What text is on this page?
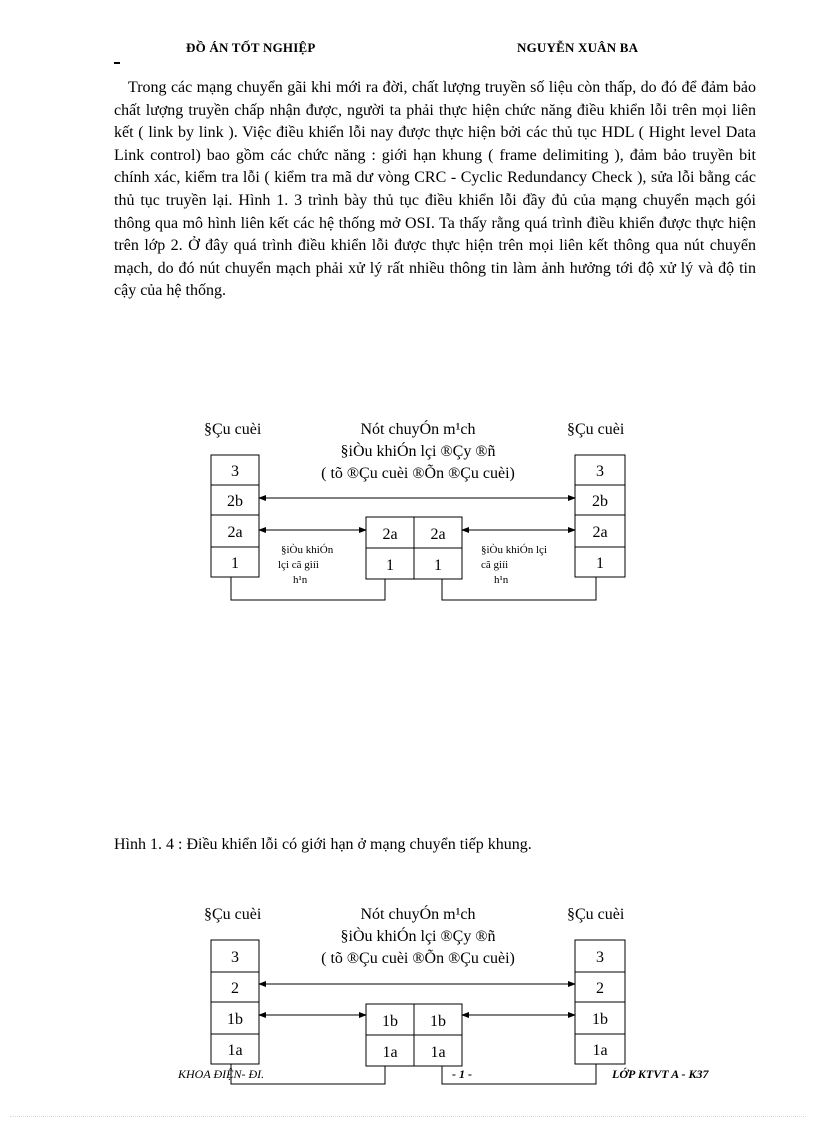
ĐỒ ÁN TỐT NGHIỆP	NGUYỄN XUÂN BA

Trong các mạng chuyển gãi khi mới ra đời, chất lượng truyền số liệu còn thấp, do đó để đảm bảo chất lượng truyền chấp nhận được, người ta phải thực hiện chức năng điều khiển lỗi trên mọi liên kết ( link by link ). Việc điều khiển lỗi nay được thực hiện bởi các thủ tục HDL ( Hight level Data Link control) bao gồm các chức năng : giới hạn khung ( frame delimiting ), đảm bảo truyền bit chính xác, kiểm tra lỗi ( kiểm tra mã dư vòng CRC - Cyclic Redundancy Check ), sửa lỗi bằng các thủ tục truyền lại. Hình 1. 3 trình bày thủ tục điều khiển lỗi đầy đủ của mạng chuyển mạch gói thông qua mô hình liên kết các hệ thống mở OSI. Ta thấy rằng quá trình điều khiển được thực hiện trên lớp 2. Ở đây quá trình điều khiển lỗi được thực hiện trên mọi liên kết thông qua nút chuyển mạch, do đó nút chuyển mạch phải xử lý rất nhiều thông tin làm ảnh hưởng tới độ xử lý và độ tin cậy của hệ thống.

§Çu cuèi	§Çu cuèi
Nót chuyÓn m¹ch
§iÒu khiÓn lçi ®Çy ®ñ
( tõ ®Çu cuèi ®Õn ®Çu cuèi)
3
2b
2a
1
3
2b
2a
1
2a 2a
1	1
§iÒu khiÓn
lçi cã giíi
h¹n
§iÒu khiÓn lçi
cã giíi
h¹n
§Çu cuèi	§Çu cuèi
Nót chuyÓn m¹ch
§iÒu khiÓn lçi ®Çy ®ñ
( tõ ®Çu cuèi ®Õn ®Çu cuèi)
3
2
1b
1a
3
2
1b
1a
1b 1b
1a 1a
Hình 1. 4 : Điều khiển lỗi có giới hạn ở mạng chuyển tiếp khung.
KHOA ĐIỆN- ĐI.	- 1 -	LỚP KTVT A - K37
